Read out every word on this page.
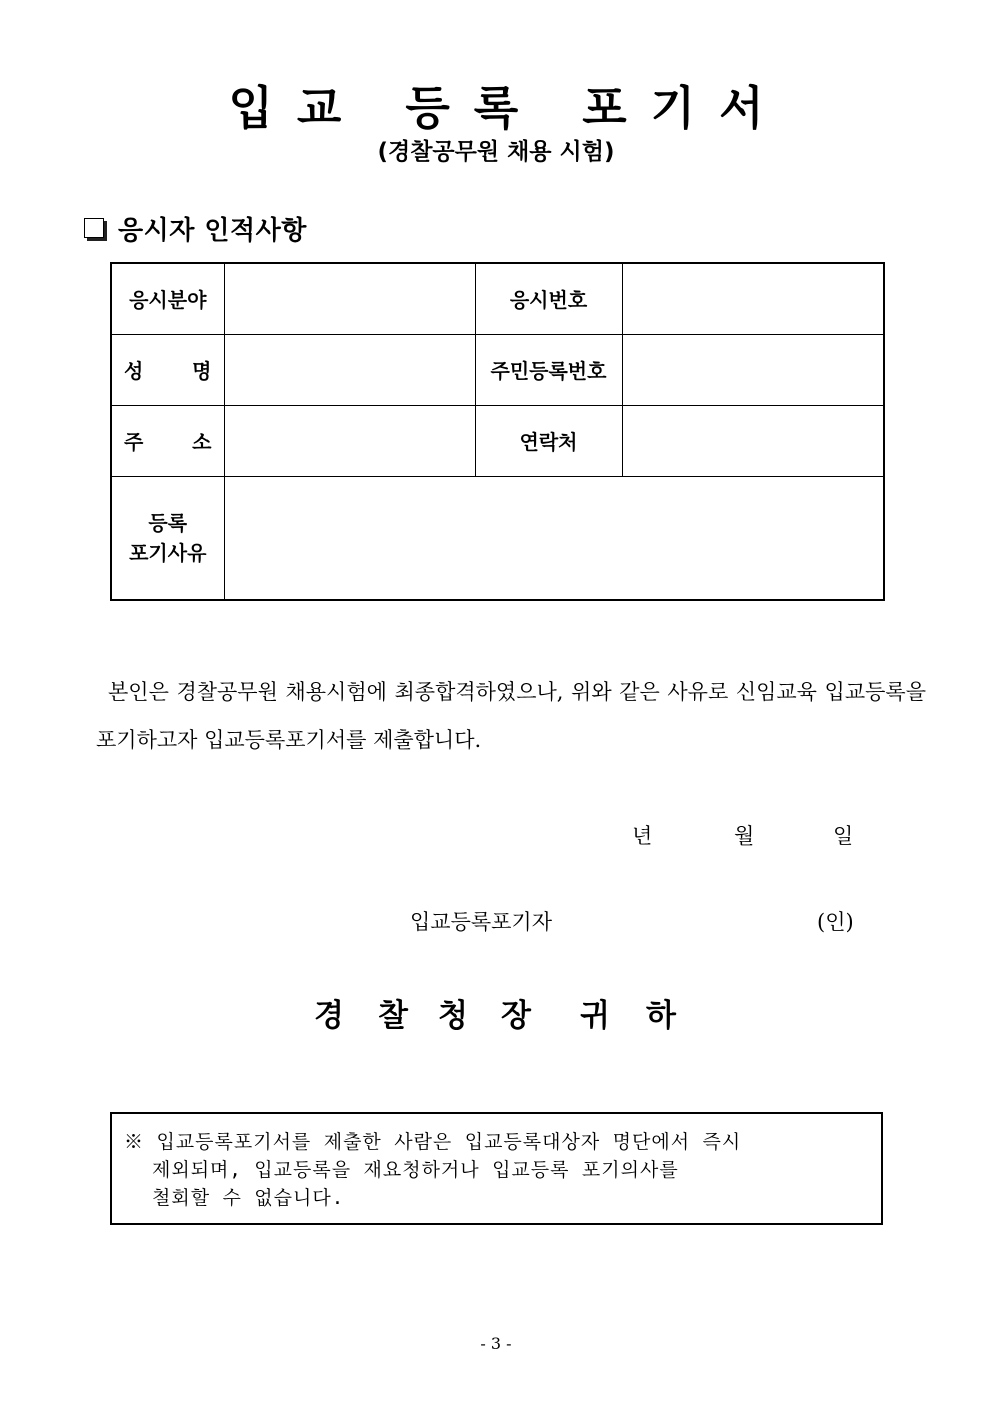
입교 등록 포기서
(경찰공무원 채용 시험)
응시자 인적사항
응시분야		응시번호	
성 명		주민등록번호	
주 소		연락처	

등록
포기사유			

본인은 경찰공무원 채용시험에 최종합격하였으나, 위와 같은 사유로 신임교육 입교등록을 포기하고자 입교등록포기서를 제출합니다.
년	월	일
입교등록포기자	(인)
경 찰 청 장 귀 하
※ 입교등록포기서를 제출한 사람은 입교등록대상자 명단에서 즉시
제외되며, 입교등록을 재요청하거나 입교등록 포기의사를
철회할 수 없습니다.
- 3 -
